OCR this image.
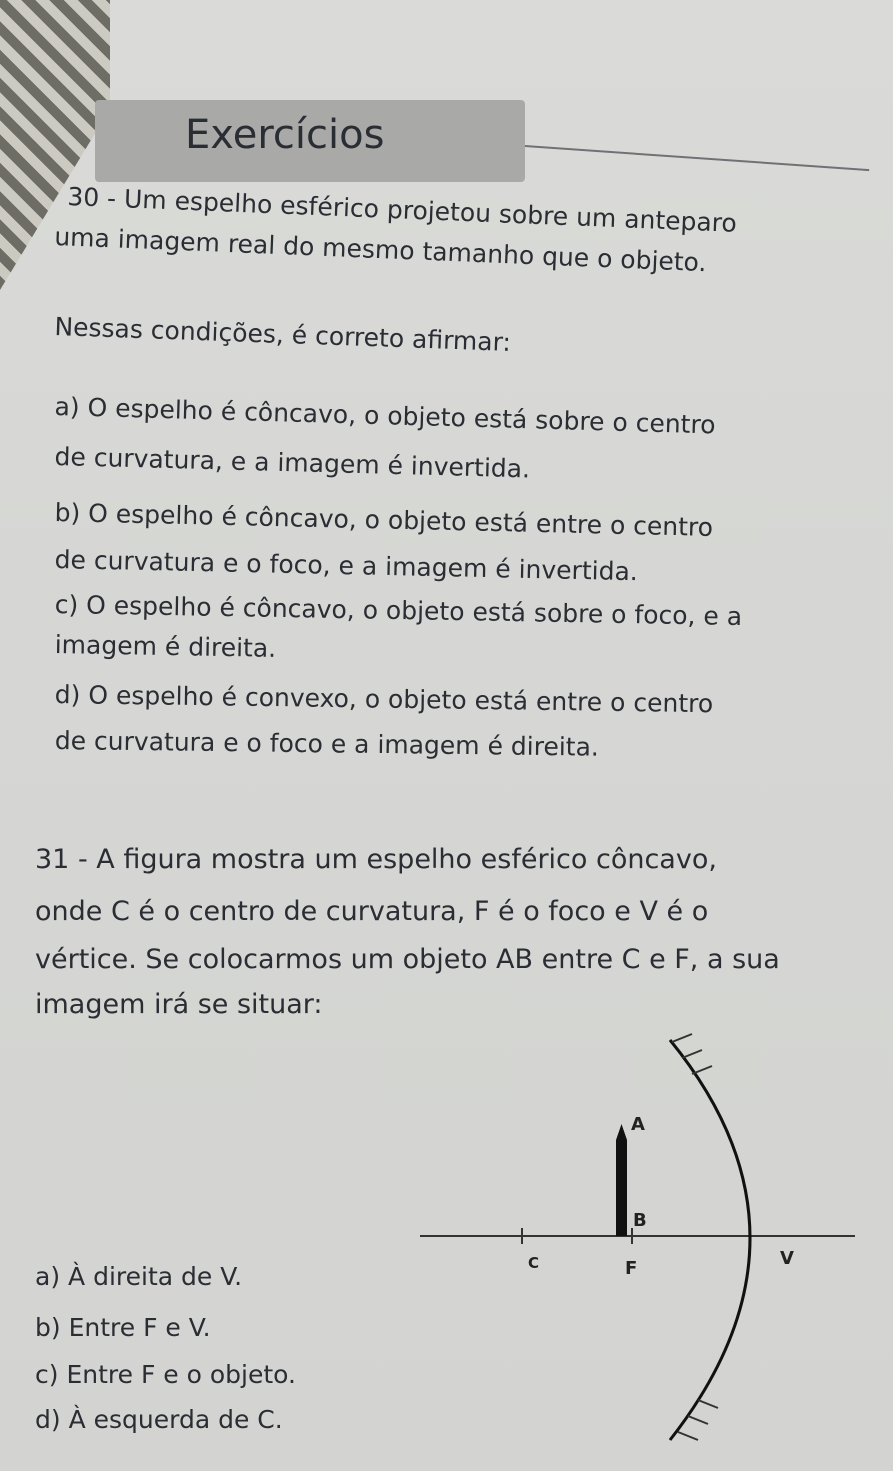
Exercícios

30 - Um espelho esférico projetou sobre um anteparo

uma imagem real do mesmo tamanho que o objeto.

Nessas condições, é correto afirmar:

a) O espelho é côncavo, o objeto está sobre o centro

de curvatura, e a imagem é invertida.

b) O espelho é côncavo, o objeto está entre o centro

de curvatura e o foco, e a imagem é invertida.

c) O espelho é côncavo, o objeto está sobre o foco, e a

imagem é direita.

d) O espelho é convexo, o objeto está entre o centro

de curvatura e o foco e a imagem é direita.

31 - A figura mostra um espelho esférico côncavo,

onde C é o centro de curvatura, F é o foco e V é o

vértice. Se colocarmos um objeto AB entre C e F, a sua

imagem irá se situar:

a) À direita de V.

b) Entre F e V.

c) Entre F e o objeto.

d) À esquerda de C.

A
B
C	F	V
